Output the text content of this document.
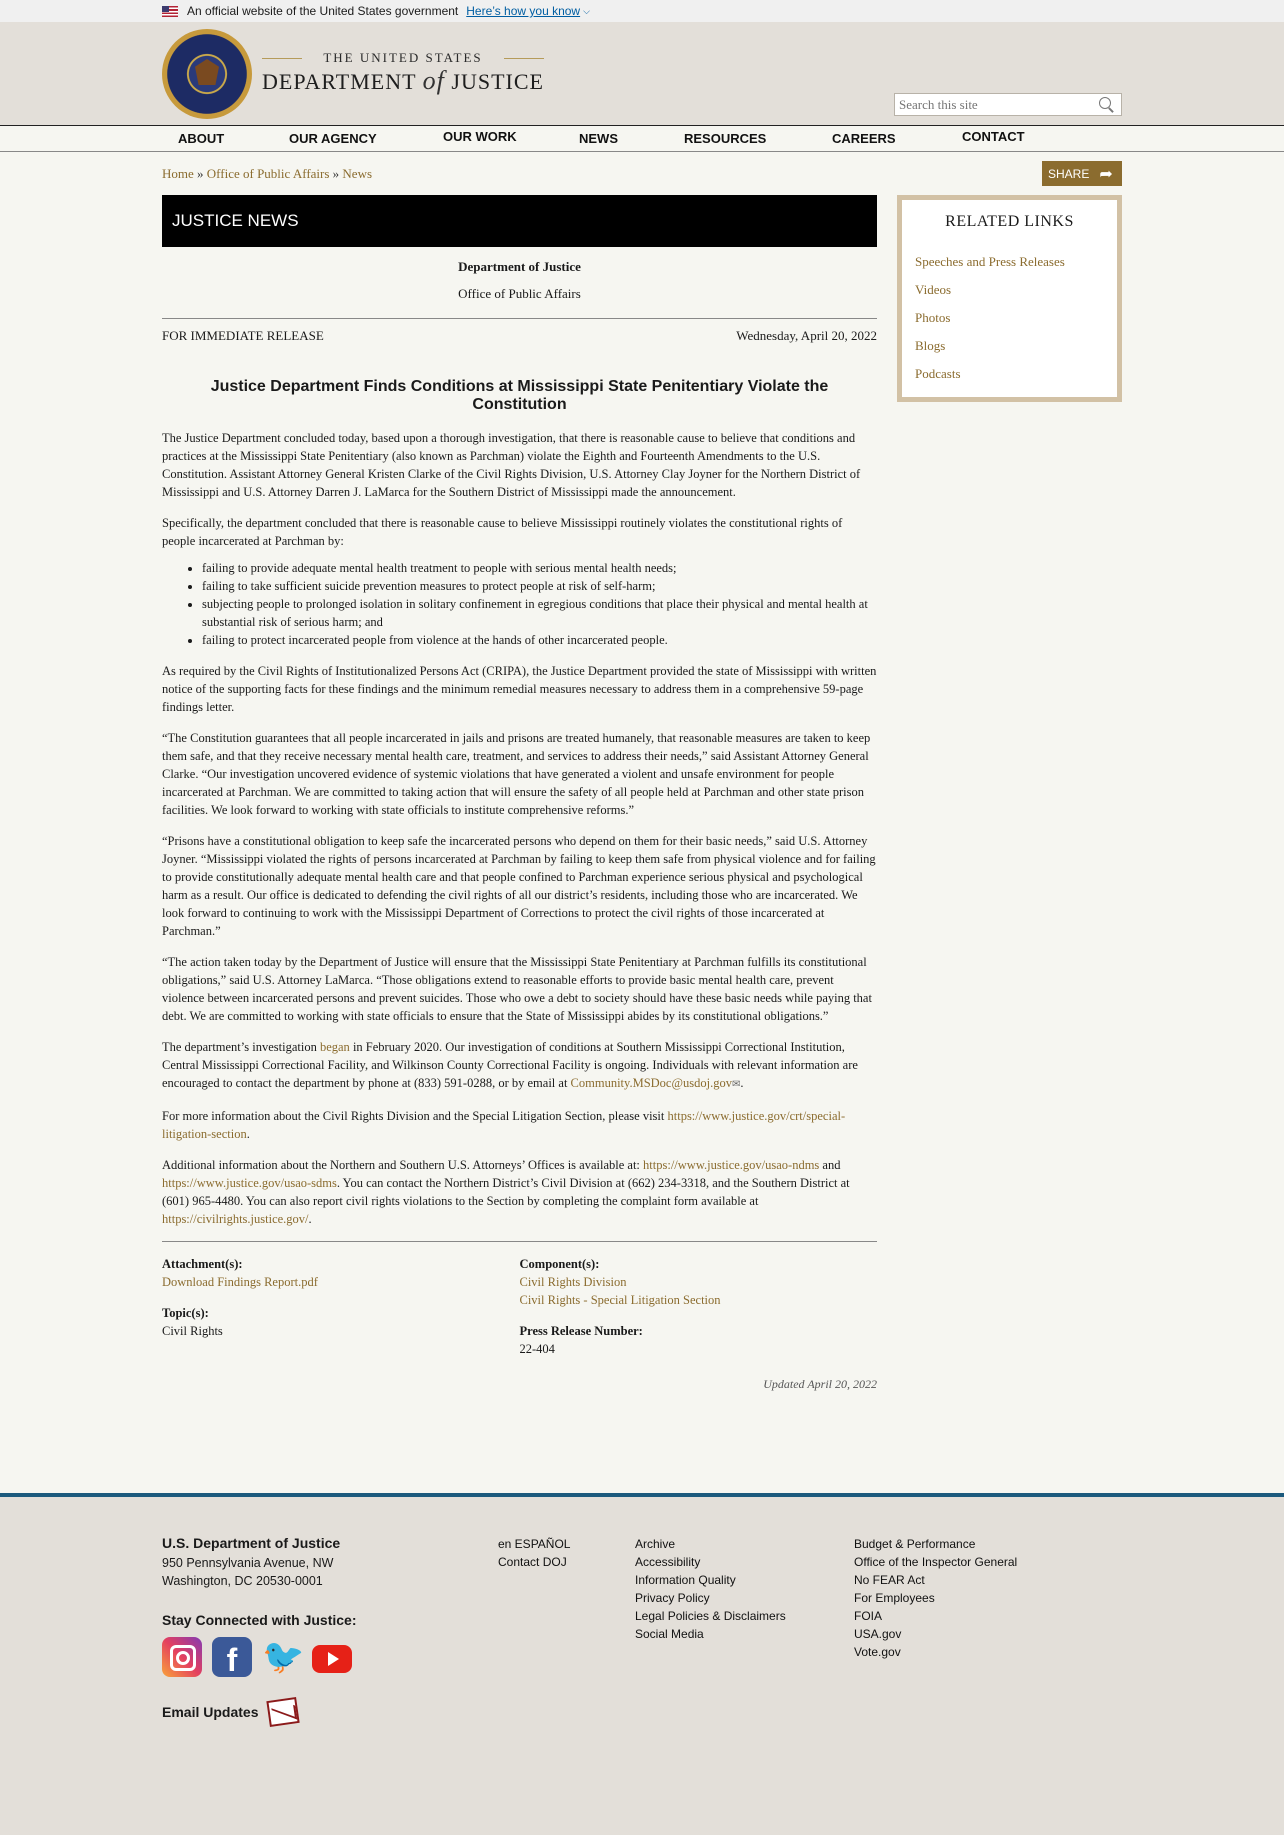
An official website of the United States government Here’s how you know ⌵
THE UNITED STATES
DEPARTMENT of JUSTICE
Search this site
ABOUT	OUR AGENCY	OUR WORK	NEWS	RESOURCES	CAREERS	CONTACT
Home » Office of Public Affairs » News	SHARE ➦
JUSTICE NEWS
Department of Justice
Office of Public Affairs
FOR IMMEDIATE RELEASE	Wednesday, April 20, 2022
Justice Department Finds Conditions at Mississippi State Penitentiary Violate the Constitution

The Justice Department concluded today, based upon a thorough investigation, that there is reasonable cause to believe that conditions and practices at the Mississippi State Penitentiary (also known as Parchman) violate the Eighth and Fourteenth Amendments to the U.S. Constitution. Assistant Attorney General Kristen Clarke of the Civil Rights Division, U.S. Attorney Clay Joyner for the Northern District of Mississippi and U.S. Attorney Darren J. LaMarca for the Southern District of Mississippi made the announcement.

Specifically, the department concluded that there is reasonable cause to believe Mississippi routinely violates the constitutional rights of people incarcerated at Parchman by:

• failing to provide adequate mental health treatment to people with serious mental health needs;
• failing to take sufficient suicide prevention measures to protect people at risk of self-harm;
• subjecting people to prolonged isolation in solitary confinement in egregious conditions that place their physical and mental health at substantial risk of serious harm; and
• failing to protect incarcerated people from violence at the hands of other incarcerated people.

As required by the Civil Rights of Institutionalized Persons Act (CRIPA), the Justice Department provided the state of Mississippi with written notice of the supporting facts for these findings and the minimum remedial measures necessary to address them in a comprehensive 59-page findings letter.

“The Constitution guarantees that all people incarcerated in jails and prisons are treated humanely, that reasonable measures are taken to keep them safe, and that they receive necessary mental health care, treatment, and services to address their needs,” said Assistant Attorney General Clarke. “Our investigation uncovered evidence of systemic violations that have generated a violent and unsafe environment for people incarcerated at Parchman. We are committed to taking action that will ensure the safety of all people held at Parchman and other state prison facilities. We look forward to working with state officials to institute comprehensive reforms.”

“Prisons have a constitutional obligation to keep safe the incarcerated persons who depend on them for their basic needs,” said U.S. Attorney Joyner. “Mississippi violated the rights of persons incarcerated at Parchman by failing to keep them safe from physical violence and for failing to provide constitutionally adequate mental health care and that people confined to Parchman experience serious physical and psychological harm as a result. Our office is dedicated to defending the civil rights of all our district’s residents, including those who are incarcerated. We look forward to continuing to work with the Mississippi Department of Corrections to protect the civil rights of those incarcerated at Parchman.”

“The action taken today by the Department of Justice will ensure that the Mississippi State Penitentiary at Parchman fulfills its constitutional obligations,” said U.S. Attorney LaMarca. “Those obligations extend to reasonable efforts to provide basic mental health care, prevent violence between incarcerated persons and prevent suicides. Those who owe a debt to society should have these basic needs while paying that debt. We are committed to working with state officials to ensure that the State of Mississippi abides by its constitutional obligations.”

The department’s investigation began in February 2020. Our investigation of conditions at Southern Mississippi Correctional Institution, Central Mississippi Correctional Facility, and Wilkinson County Correctional Facility is ongoing. Individuals with relevant information are encouraged to contact the department by phone at (833) 591-0288, or by email at Community.MSDoc@usdoj.gov✉.

For more information about the Civil Rights Division and the Special Litigation Section, please visit https://www.justice.gov/crt/special-litigation-section.

Additional information about the Northern and Southern U.S. Attorneys’ Offices is available at: https://www.justice.gov/usao-ndms and https://www.justice.gov/usao-sdms. You can contact the Northern District’s Civil Division at (662) 234-3318, and the Southern District at (601) 965-4480. You can also report civil rights violations to the Section by completing the complaint form available at https://civilrights.justice.gov/.

Attachment(s):
Download Findings Report.pdf
Topic(s):
Civil Rights
Component(s):
Civil Rights Division
Civil Rights - Special Litigation Section
Press Release Number:
22-404
Updated April 20, 2022
RELATED LINKS
Speeches and Press Releases
Videos
Photos
Blogs
Podcasts
U.S. Department of Justice
950 Pennsylvania Avenue, NW
Washington, DC 20530-0001
Stay Connected with Justice:
f 🐦
Email Updates
en ESPAÑOL
Contact DOJ
Archive
Accessibility
Information Quality
Privacy Policy
Legal Policies & Disclaimers
Social Media
Budget & Performance
Office of the Inspector General
No FEAR Act
For Employees
FOIA
USA.gov
Vote.gov
